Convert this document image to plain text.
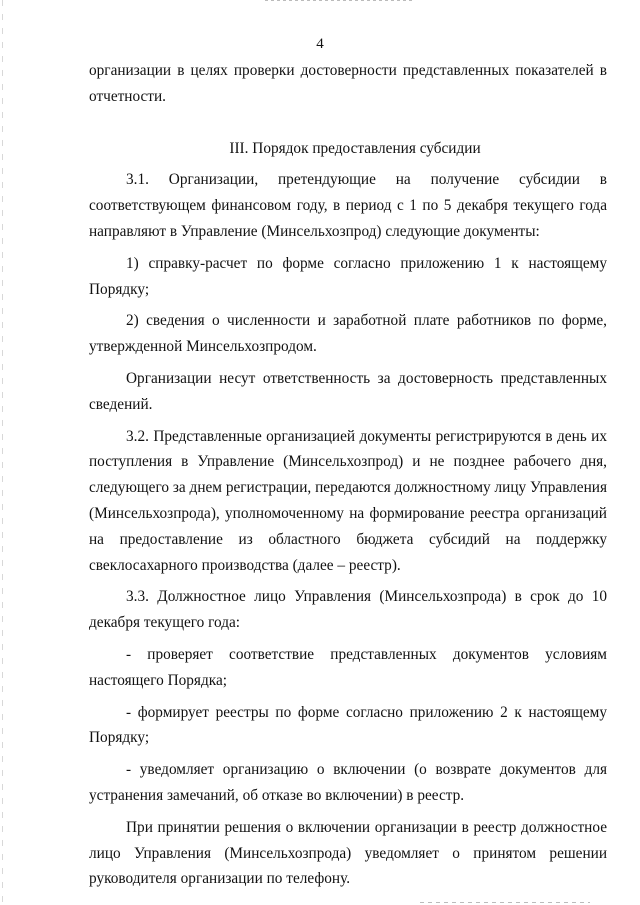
4

организации в целях проверки достоверности представленных показателей в отчетности.

III. Порядок предоставления субсидии

3.1. Организации, претендующие на получение субсидии в соответствующем финансовом году, в период с 1 по 5 декабря текущего года направляют в Управление (Минсельхозпрод) следующие документы:

1) справку-расчет по форме согласно приложению 1 к настоящему Порядку;

2) сведения о численности и заработной плате работников по форме, утвержденной Минсельхозпродом.

Организации несут ответственность за достоверность представленных сведений.

3.2. Представленные организацией документы регистрируются в день их поступления в Управление (Минсельхозпрод) и не позднее рабочего дня, следующего за днем регистрации, передаются должностному лицу Управления (Минсельхозпрода), уполномоченному на формирование реестра организаций на предоставление из областного бюджета субсидий на поддержку свеклосахарного производства (далее – реестр).

3.3. Должностное лицо Управления (Минсельхозпрода) в срок до 10 декабря текущего года:

- проверяет соответствие представленных документов условиям настоящего Порядка;

- формирует реестры по форме согласно приложению 2 к настоящему Порядку;

- уведомляет организацию о включении (о возврате документов для устранения замечаний, об отказе во включении) в реестр.

При принятии решения о включении организации в реестр должностное лицо Управления (Минсельхозпрода) уведомляет о принятом решении руководителя организации по телефону.
